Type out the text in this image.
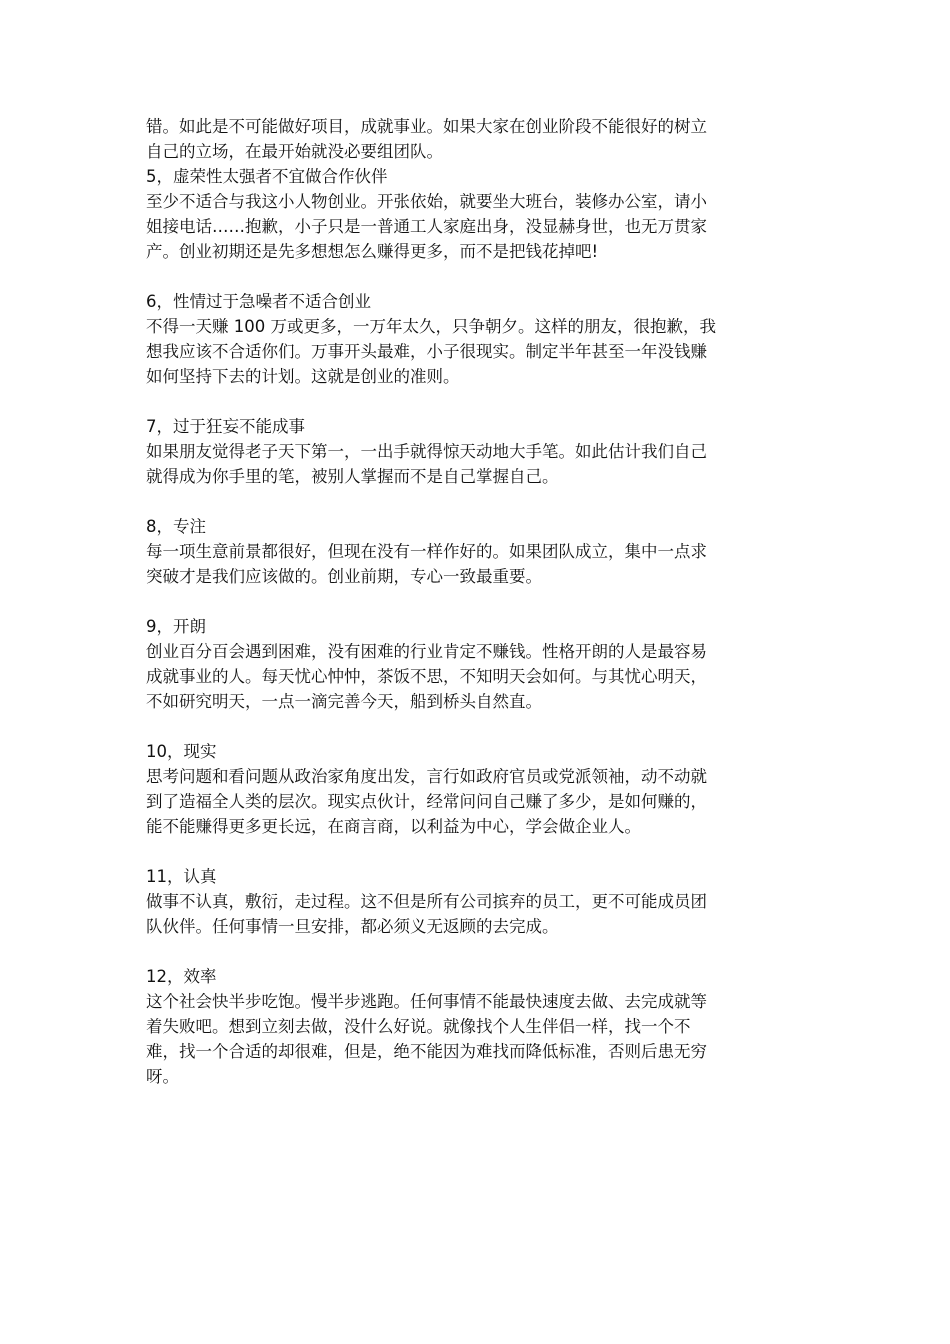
错。如此是不可能做好项目，成就事业。如果大家在创业阶段不能很好的树立
自己的立场，在最开始就没必要组团队。
5，虚荣性太强者不宜做合作伙伴
至少不适合与我这小人物创业。开张依始，就要坐大班台，装修办公室，请小
姐接电话……抱歉，小子只是一普通工人家庭出身，没显赫身世，也无万贯家
产。创业初期还是先多想想怎么赚得更多，而不是把钱花掉吧!
6，性情过于急噪者不适合创业
不得一天赚 100 万或更多，一万年太久，只争朝夕。这样的朋友，很抱歉，我
想我应该不合适你们。万事开头最难，小子很现实。制定半年甚至一年没钱赚
如何坚持下去的计划。这就是创业的准则。
7，过于狂妄不能成事
如果朋友觉得老子天下第一，一出手就得惊天动地大手笔。如此估计我们自己
就得成为你手里的笔，被别人掌握而不是自己掌握自己。
8，专注
每一项生意前景都很好，但现在没有一样作好的。如果团队成立，集中一点求
突破才是我们应该做的。创业前期，专心一致最重要。
9，开朗
创业百分百会遇到困难，没有困难的行业肯定不赚钱。性格开朗的人是最容易
成就事业的人。每天忧心忡忡，茶饭不思，不知明天会如何。与其忧心明天，
不如研究明天，一点一滴完善今天，船到桥头自然直。
10，现实
思考问题和看问题从政治家角度出发，言行如政府官员或党派领袖，动不动就
到了造福全人类的层次。现实点伙计，经常问问自己赚了多少，是如何赚的，
能不能赚得更多更长远，在商言商，以利益为中心，学会做企业人。
11，认真
做事不认真，敷衍，走过程。这不但是所有公司摈弃的员工，更不可能成员团
队伙伴。任何事情一旦安排，都必须义无返顾的去完成。
12，效率
这个社会快半步吃饱。慢半步逃跑。任何事情不能最快速度去做、去完成就等
着失败吧。想到立刻去做，没什么好说。就像找个人生伴侣一样，找一个不
难，找一个合适的却很难，但是，绝不能因为难找而降低标准，否则后患无穷
呀。
